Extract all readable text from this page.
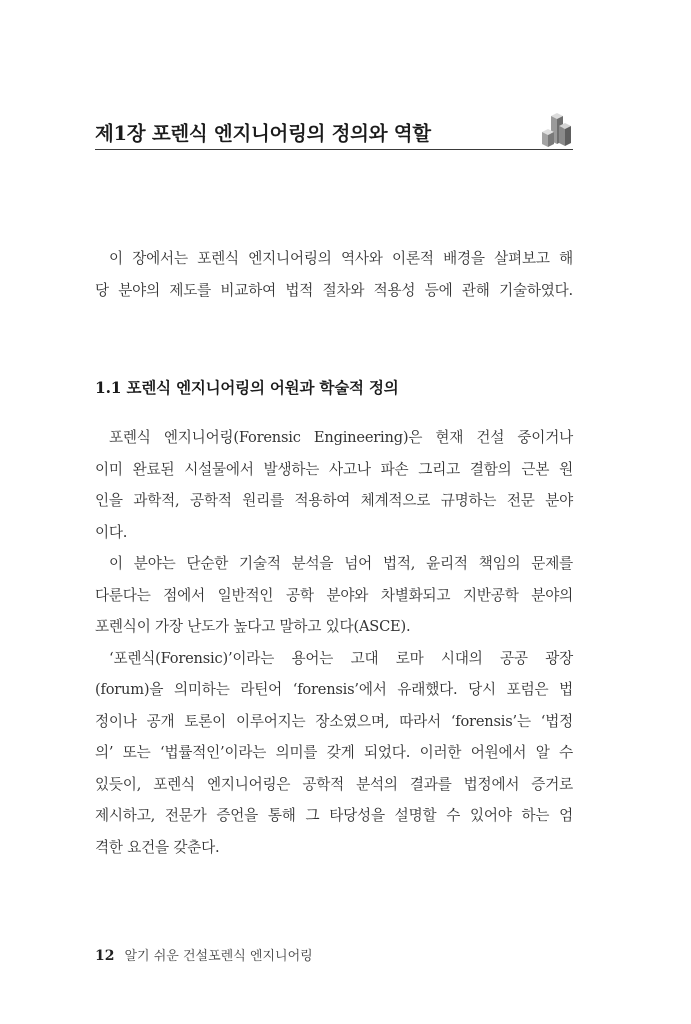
제1장 포렌식 엔지니어링의 정의와 역할
이 장에서는 포렌식 엔지니어링의 역사와 이론적 배경을 살펴보고 해
당 분야의 제도를 비교하여 법적 절차와 적용성 등에 관해 기술하였다.
1.1 포렌식 엔지니어링의 어원과 학술적 정의
포렌식 엔지니어링(Forensic Engineering)은 현재 건설 중이거나
이미 완료된 시설물에서 발생하는 사고나 파손 그리고 결함의 근본 원
인을 과학적, 공학적 원리를 적용하여 체계적으로 규명하는 전문 분야
이다.
이 분야는 단순한 기술적 분석을 넘어 법적, 윤리적 책임의 문제를
다룬다는 점에서 일반적인 공학 분야와 차별화되고 지반공학 분야의
포렌식이 가장 난도가 높다고 말하고 있다(ASCE).
‘포렌식(Forensic)’이라는 용어는 고대 로마 시대의 공공 광장
(forum)을 의미하는 라틴어 ‘forensis’에서 유래했다. 당시 포럼은 법
정이나 공개 토론이 이루어지는 장소였으며, 따라서 ‘forensis’는 ‘법정
의’ 또는 ‘법률적인’이라는 의미를 갖게 되었다. 이러한 어원에서 알 수
있듯이, 포렌식 엔지니어링은 공학적 분석의 결과를 법정에서 증거로
제시하고, 전문가 증언을 통해 그 타당성을 설명할 수 있어야 하는 엄
격한 요건을 갖춘다.
12 알기 쉬운 건설포렌식 엔지니어링
